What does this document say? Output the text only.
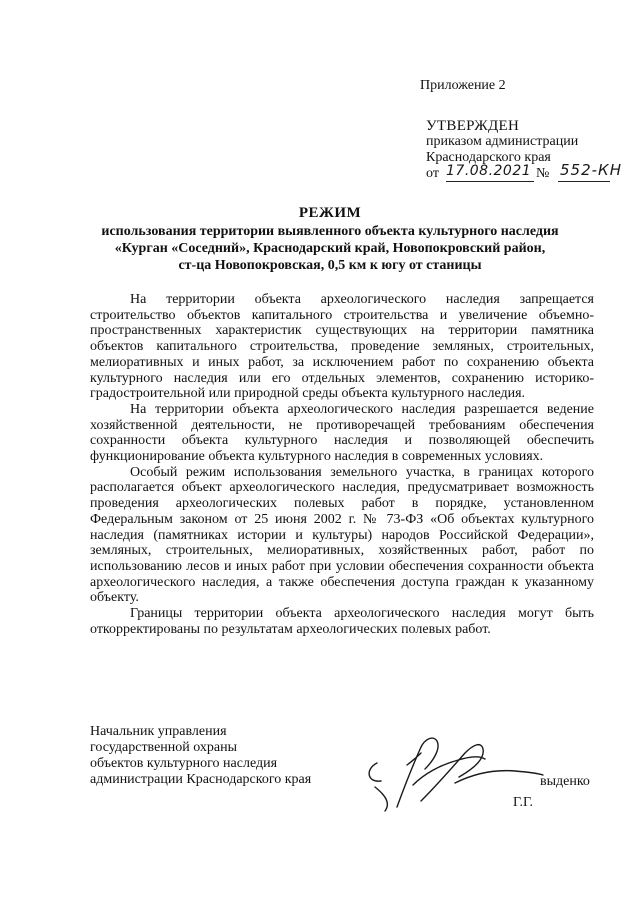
Приложение 2
УТВЕРЖДЕН
приказом администрации
Краснодарского края
от 17.08.2021 № 552-КН
РЕЖИМ
использования территории выявленного объекта культурного наследия
«Курган «Соседний», Краснодарский край, Новопокровский район,
ст-ца Новопокровская, 0,5 км к югу от станицы

На территории объекта археологического наследия запрещается строительство объектов капитального строительства и увеличение объемно-пространственных характеристик существующих на территории памятника объектов капитального строительства, проведение земляных, строительных, мелиоративных и иных работ, за исключением работ по сохранению объекта культурного наследия или его отдельных элементов, сохранению историко-градостроительной или природной среды объекта культурного наследия.

На территории объекта археологического наследия разрешается ведение хозяйственной деятельности, не противоречащей требованиям обеспечения сохранности объекта культурного наследия и позволяющей обеспечить функционирование объекта культурного наследия в современных условиях.

Особый режим использования земельного участка, в границах которого располагается объект археологического наследия, предусматривает возможность проведения археологических полевых работ в порядке, установленном Федеральным законом от 25 июня 2002 г. № 73-ФЗ «Об объектах культурного наследия (памятниках истории и культуры) народов Российской Федерации», земляных, строительных, мелиоративных, хозяйственных работ, работ по использованию лесов и иных работ при условии обеспечения сохранности объекта археологического наследия, а также обеспечения доступа граждан к указанному объекту.

Границы территории объекта археологического наследия могут быть откорректированы по результатам археологических полевых работ.

Начальник управления
государственной охраны
объектов культурного наследия
администрации Краснодарского края	выденко
Г.Г.
